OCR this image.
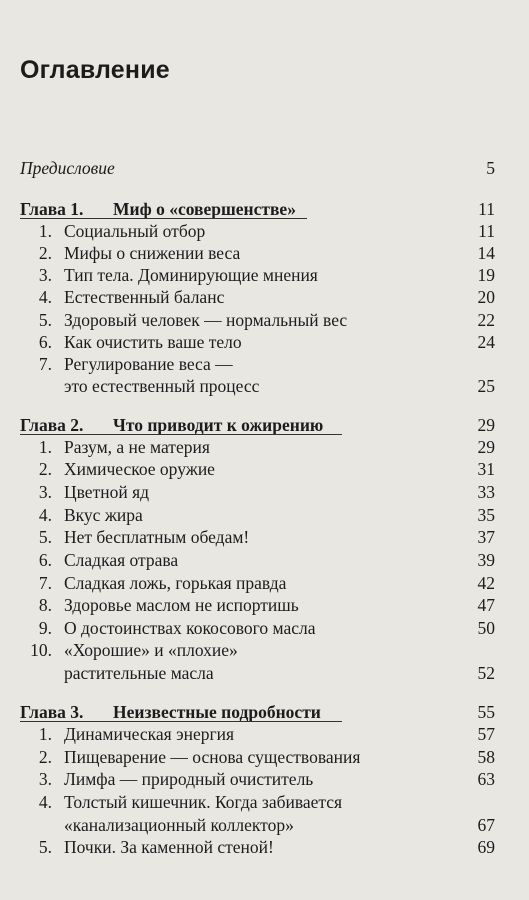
Оглавление
Предисловие	5
Глава 1. Миф о «совершенстве»	11
1. Социальный отбор	11
2. Мифы о снижении веса	14
3. Тип тела. Доминирующие мнения	19
4. Естественный баланс	20
5. Здоровый человек — нормальный вес	22
6. Как очистить ваше тело	24
7. Регулирование веса —
это естественный процесс	25
Глава 2. Что приводит к ожирению	29
1. Разум, а не материя	29
2. Химическое оружие	31
3. Цветной яд	33
4. Вкус жира	35
5. Нет бесплатным обедам!	37
6. Сладкая отрава	39
7. Сладкая ложь, горькая правда	42
8. Здоровье маслом не испортишь	47
9. О достоинствах кокосового масла	50
10. «Хорошие» и «плохие»
растительные масла	52
Глава 3. Неизвестные подробности	55
1. Динамическая энергия	57
2. Пищеварение — основа существования	58
3. Лимфа — природный очиститель	63
4. Толстый кишечник. Когда забивается
«канализационный коллектор»	67
5. Почки. За каменной стеной!	69
